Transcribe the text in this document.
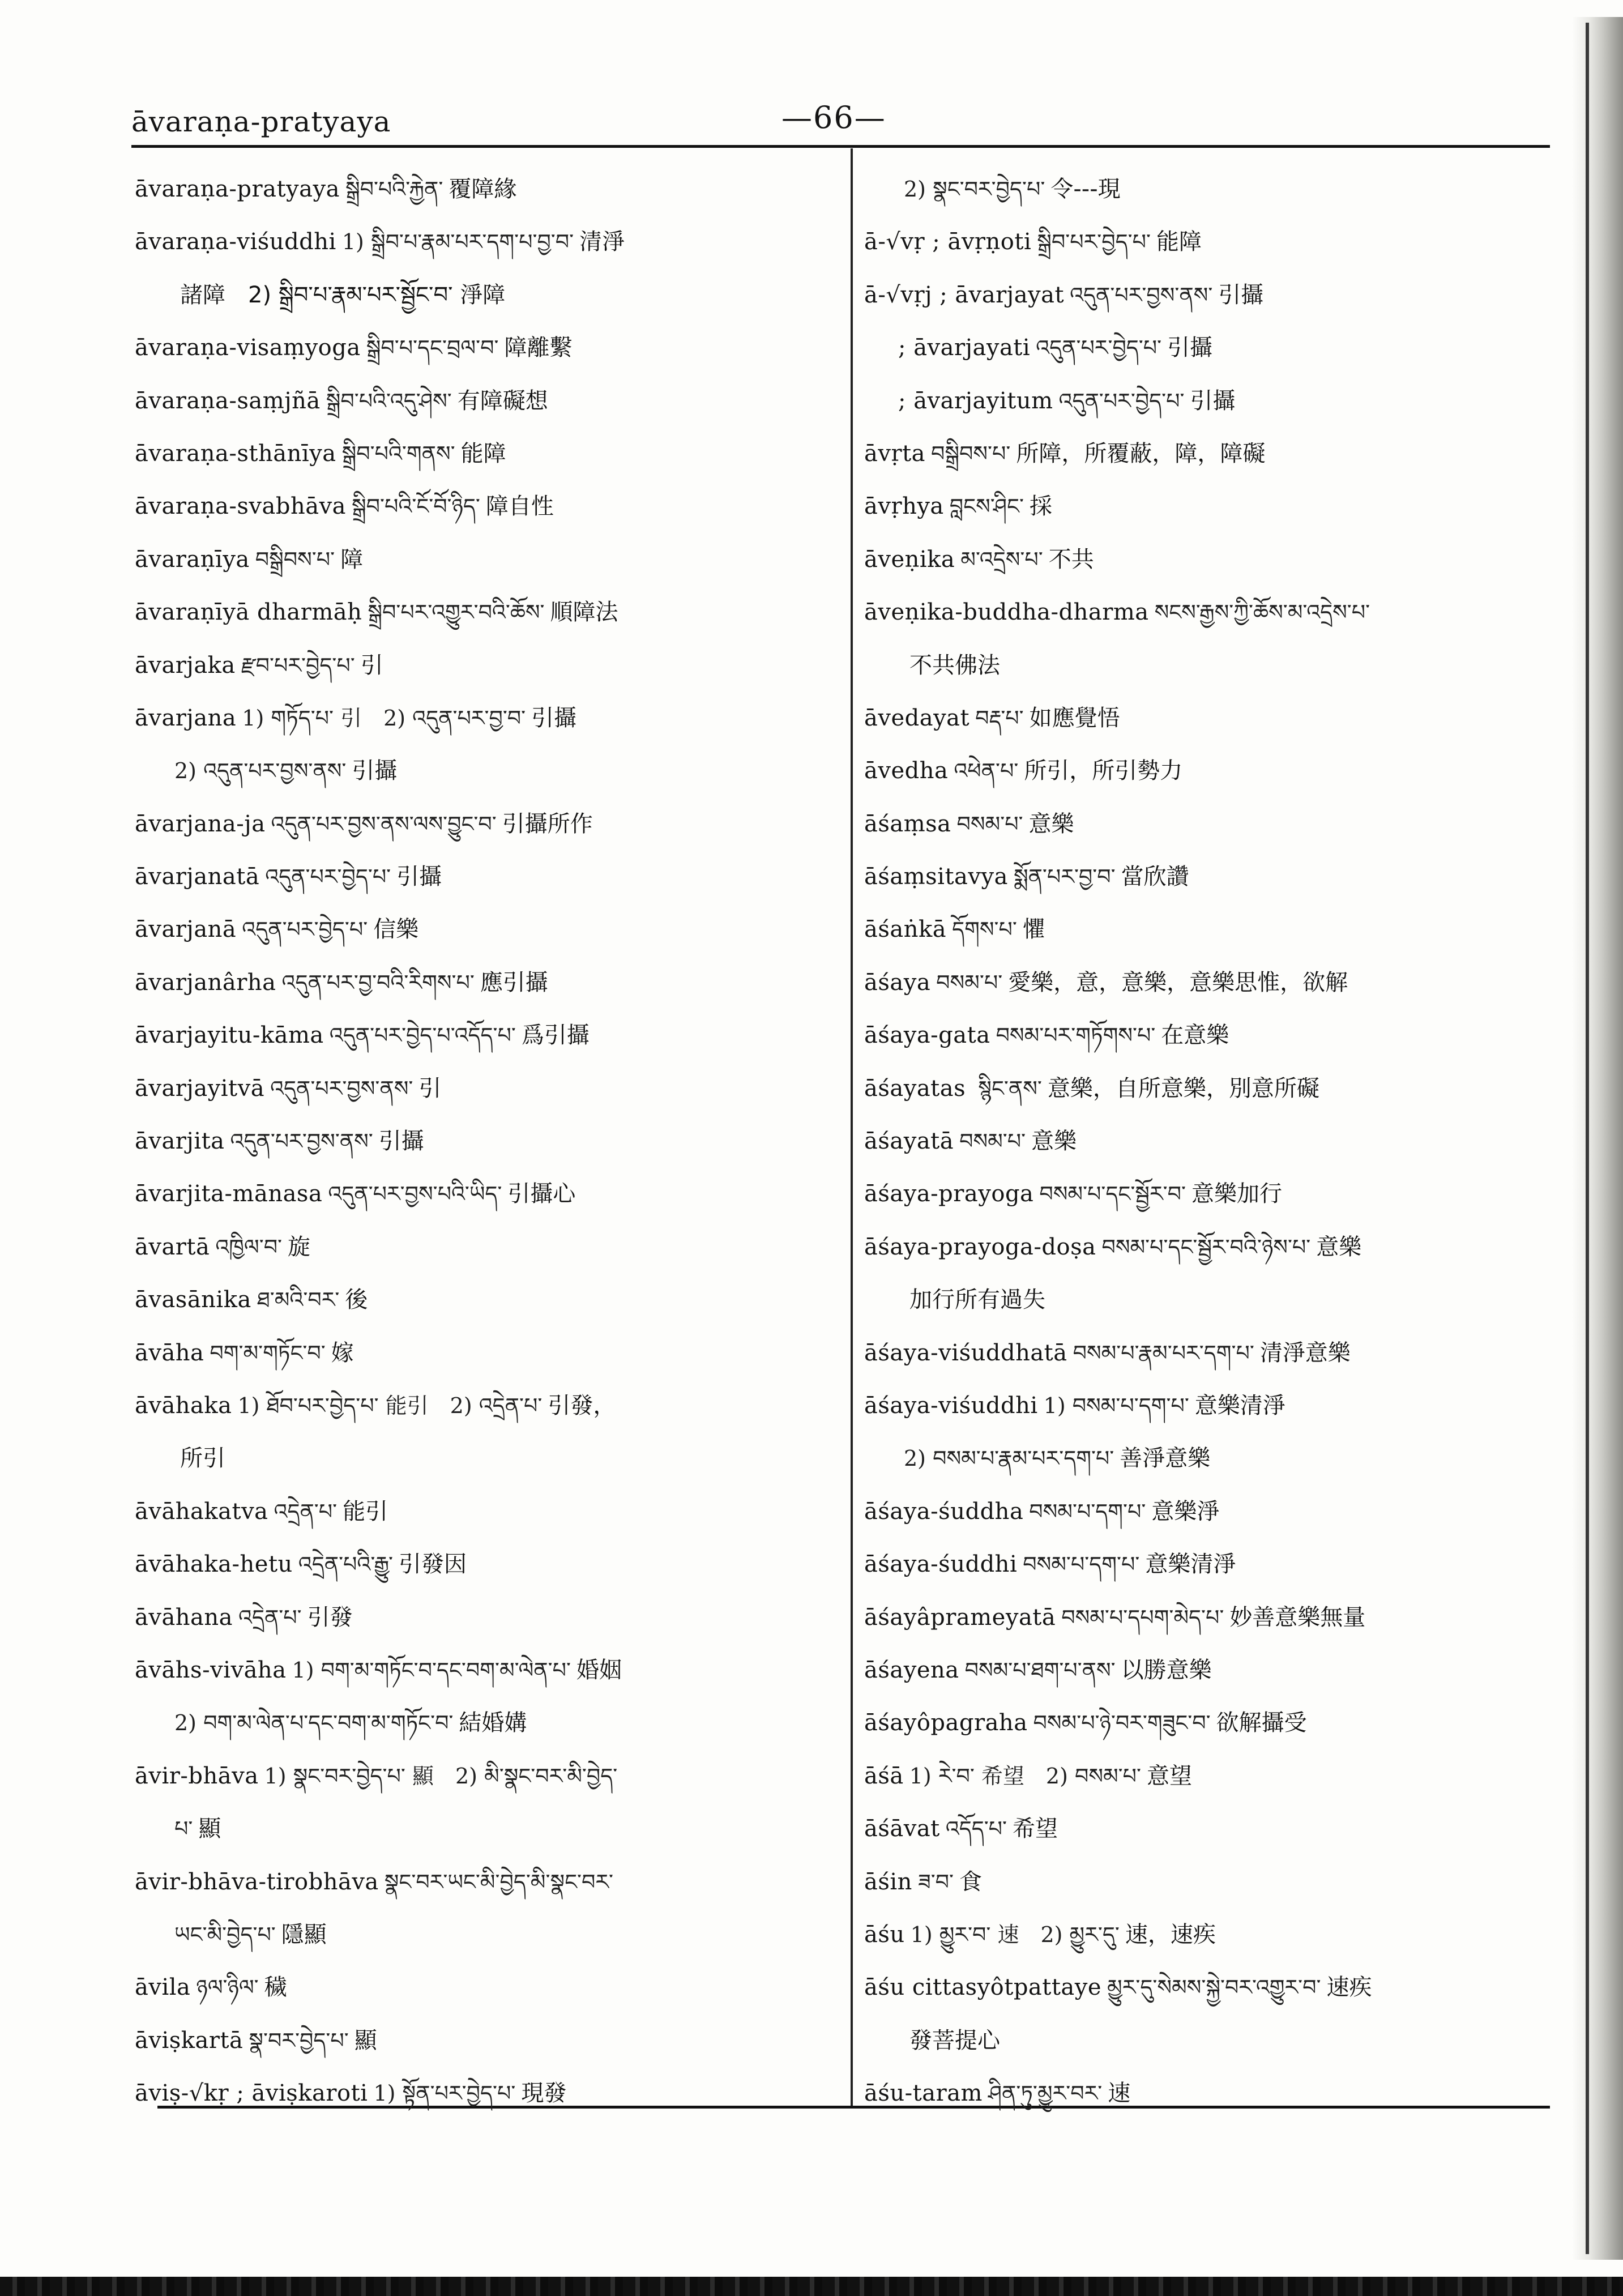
āvaraṇa-pratyaya	—66—
āvaraṇa-pratyaya སྒྲིབ་པའི་རྐྱེན་ 覆障緣
āvaraṇa-viśuddhi 1) སྒྲིབ་པ་རྣམ་པར་དག་པ་བྱ་བ་ 清淨
諸障　2) སྒྲིབ་པ་རྣམ་པར་སྦྱོང་བ་ 淨障
āvaraṇa-visaṃyoga སྒྲིབ་པ་དང་བྲལ་བ་ 障離繫
āvaraṇa-saṃjñā སྒྲིབ་པའི་འདུ་ཤེས་ 有障礙想
āvaraṇa-sthānīya སྒྲིབ་པའི་གནས་ 能障
āvaraṇa-svabhāva སྒྲིབ་པའི་ངོ་བོ་ཉིད་ 障自性
āvaraṇīya བསྒྲིབས་པ་ 障
āvaraṇīyā dharmāḥ སྒྲིབ་པར་འགྱུར་བའི་ཆོས་ 順障法
āvarjaka རྫབ་པར་བྱེད་པ་ 引
āvarjana 1) གཏོད་པ་ 引　2) འདུན་པར་བྱ་བ་ 引攝
2) འདུན་པར་བྱས་ནས་ 引攝
āvarjana-ja འདུན་པར་བྱས་ནས་ལས་བྱུང་བ་ 引攝所作
āvarjanatā འདུན་པར་བྱེད་པ་ 引攝
āvarjanā འདུན་པར་བྱེད་པ་ 信樂
āvarjanârha འདུན་པར་བྱ་བའི་རིགས་པ་ 應引攝
āvarjayitu-kāma འདུན་པར་བྱེད་པ་འདོད་པ་ 爲引攝
āvarjayitvā འདུན་པར་བྱས་ནས་ 引
āvarjita འདུན་པར་བྱས་ནས་ 引攝
āvarjita-mānasa འདུན་པར་བྱས་པའི་ཡིད་ 引攝心
āvartā འཁྱིལ་བ་ 旋
āvasānika ཐ་མའི་བར་ 後
āvāha བག་མ་གཏོང་བ་ 嫁
āvāhaka 1) ཐོབ་པར་བྱེད་པ་ 能引　2) འདྲེན་པ་ 引發，
所引
āvāhakatva འདྲེན་པ་ 能引
āvāhaka-hetu འདྲེན་པའི་རྒྱུ་ 引發因
āvāhana འདྲེན་པ་ 引發
āvāhs-vivāha 1) བག་མ་གཏོང་བ་དང་བག་མ་ལེན་པ་ 婚姻
2) བག་མ་ལེན་པ་དང་བག་མ་གཏོང་བ་ 結婚媾
āvir-bhāva 1) སྣང་བར་བྱེད་པ་ 顯　2) མི་སྣང་བར་མི་བྱེད་
པ་ 顯
āvir-bhāva-tirobhāva སྣང་བར་ཡང་མི་བྱེད་མི་སྣང་བར་
ཡང་མི་བྱེད་པ་ 隱顯
āvila ཉལ་ཉིལ་ 穢
āviṣkartā སྣ་བར་བྱེད་པ་ 顯
āviṣ-√kṛ ; āviṣkaroti 1) སྟོན་པར་བྱེད་པ་ 現發
2) སྣང་བར་བྱེད་པ་ 令---現
ā-√vṛ ; āvṛṇoti སྒྲིབ་པར་བྱེད་པ་ 能障
ā-√vṛj ; āvarjayat འདུན་པར་བྱས་ནས་ 引攝
; āvarjayati འདུན་པར་བྱེད་པ་ 引攝
; āvarjayitum འདུན་པར་བྱེད་པ་ 引攝
āvṛta བསྒྲིབས་པ་ 所障，所覆蔽，障，障礙
āvṛhya བླངས་ཤིང་ 採
āveṇika མ་འདྲེས་པ་ 不共
āveṇika-buddha-dharma སངས་རྒྱས་ཀྱི་ཆོས་མ་འདྲེས་པ་
不共佛法
āvedayat བརྡ་པ་ 如應覺悟
āvedha འཕེན་པ་ 所引，所引勢力
āśaṃsa བསམ་པ་ 意樂
āśaṃsitavya སྨོན་པར་བྱ་བ་ 當欣讚
āśaṅkā དོགས་པ་ 懼
āśaya བསམ་པ་ 愛樂，意，意樂，意樂思惟，欲解
āśaya-gata བསམ་པར་གཏོགས་པ་ 在意樂
āśayatas སྙིང་ནས་ 意樂，自所意樂，別意所礙
āśayatā བསམ་པ་ 意樂
āśaya-prayoga བསམ་པ་དང་སྦྱོར་བ་ 意樂加行
āśaya-prayoga-doṣa བསམ་པ་དང་སྦྱོར་བའི་ཉེས་པ་ 意樂
加行所有過失
āśaya-viśuddhatā བསམ་པ་རྣམ་པར་དག་པ་ 清淨意樂
āśaya-viśuddhi 1) བསམ་པ་དག་པ་ 意樂清淨
2) བསམ་པ་རྣམ་པར་དག་པ་ 善淨意樂
āśaya-śuddha བསམ་པ་དག་པ་ 意樂淨
āśaya-śuddhi བསམ་པ་དག་པ་ 意樂清淨
āśayâprameyatā བསམ་པ་དཔག་མེད་པ་ 妙善意樂無量
āśayena བསམ་པ་ཐག་པ་ནས་ 以勝意樂
āśayôpagraha བསམ་པ་ཉེ་བར་གཟུང་བ་ 欲解攝受
āśā 1) རེ་བ་ 希望　2) བསམ་པ་ 意望
āśāvat འདོད་པ་ 希望
āśin ཟ་བ་ 食
āśu 1) མྱུར་བ་ 速　2) མྱུར་དུ་ 速，速疾
āśu cittasyôtpattaye མྱུར་དུ་སེམས་སྐྱེ་བར་འགྱུར་བ་ 速疾
發菩提心
āśu-taram ཤིན་ཏུ་མྱུར་བར་ 速
